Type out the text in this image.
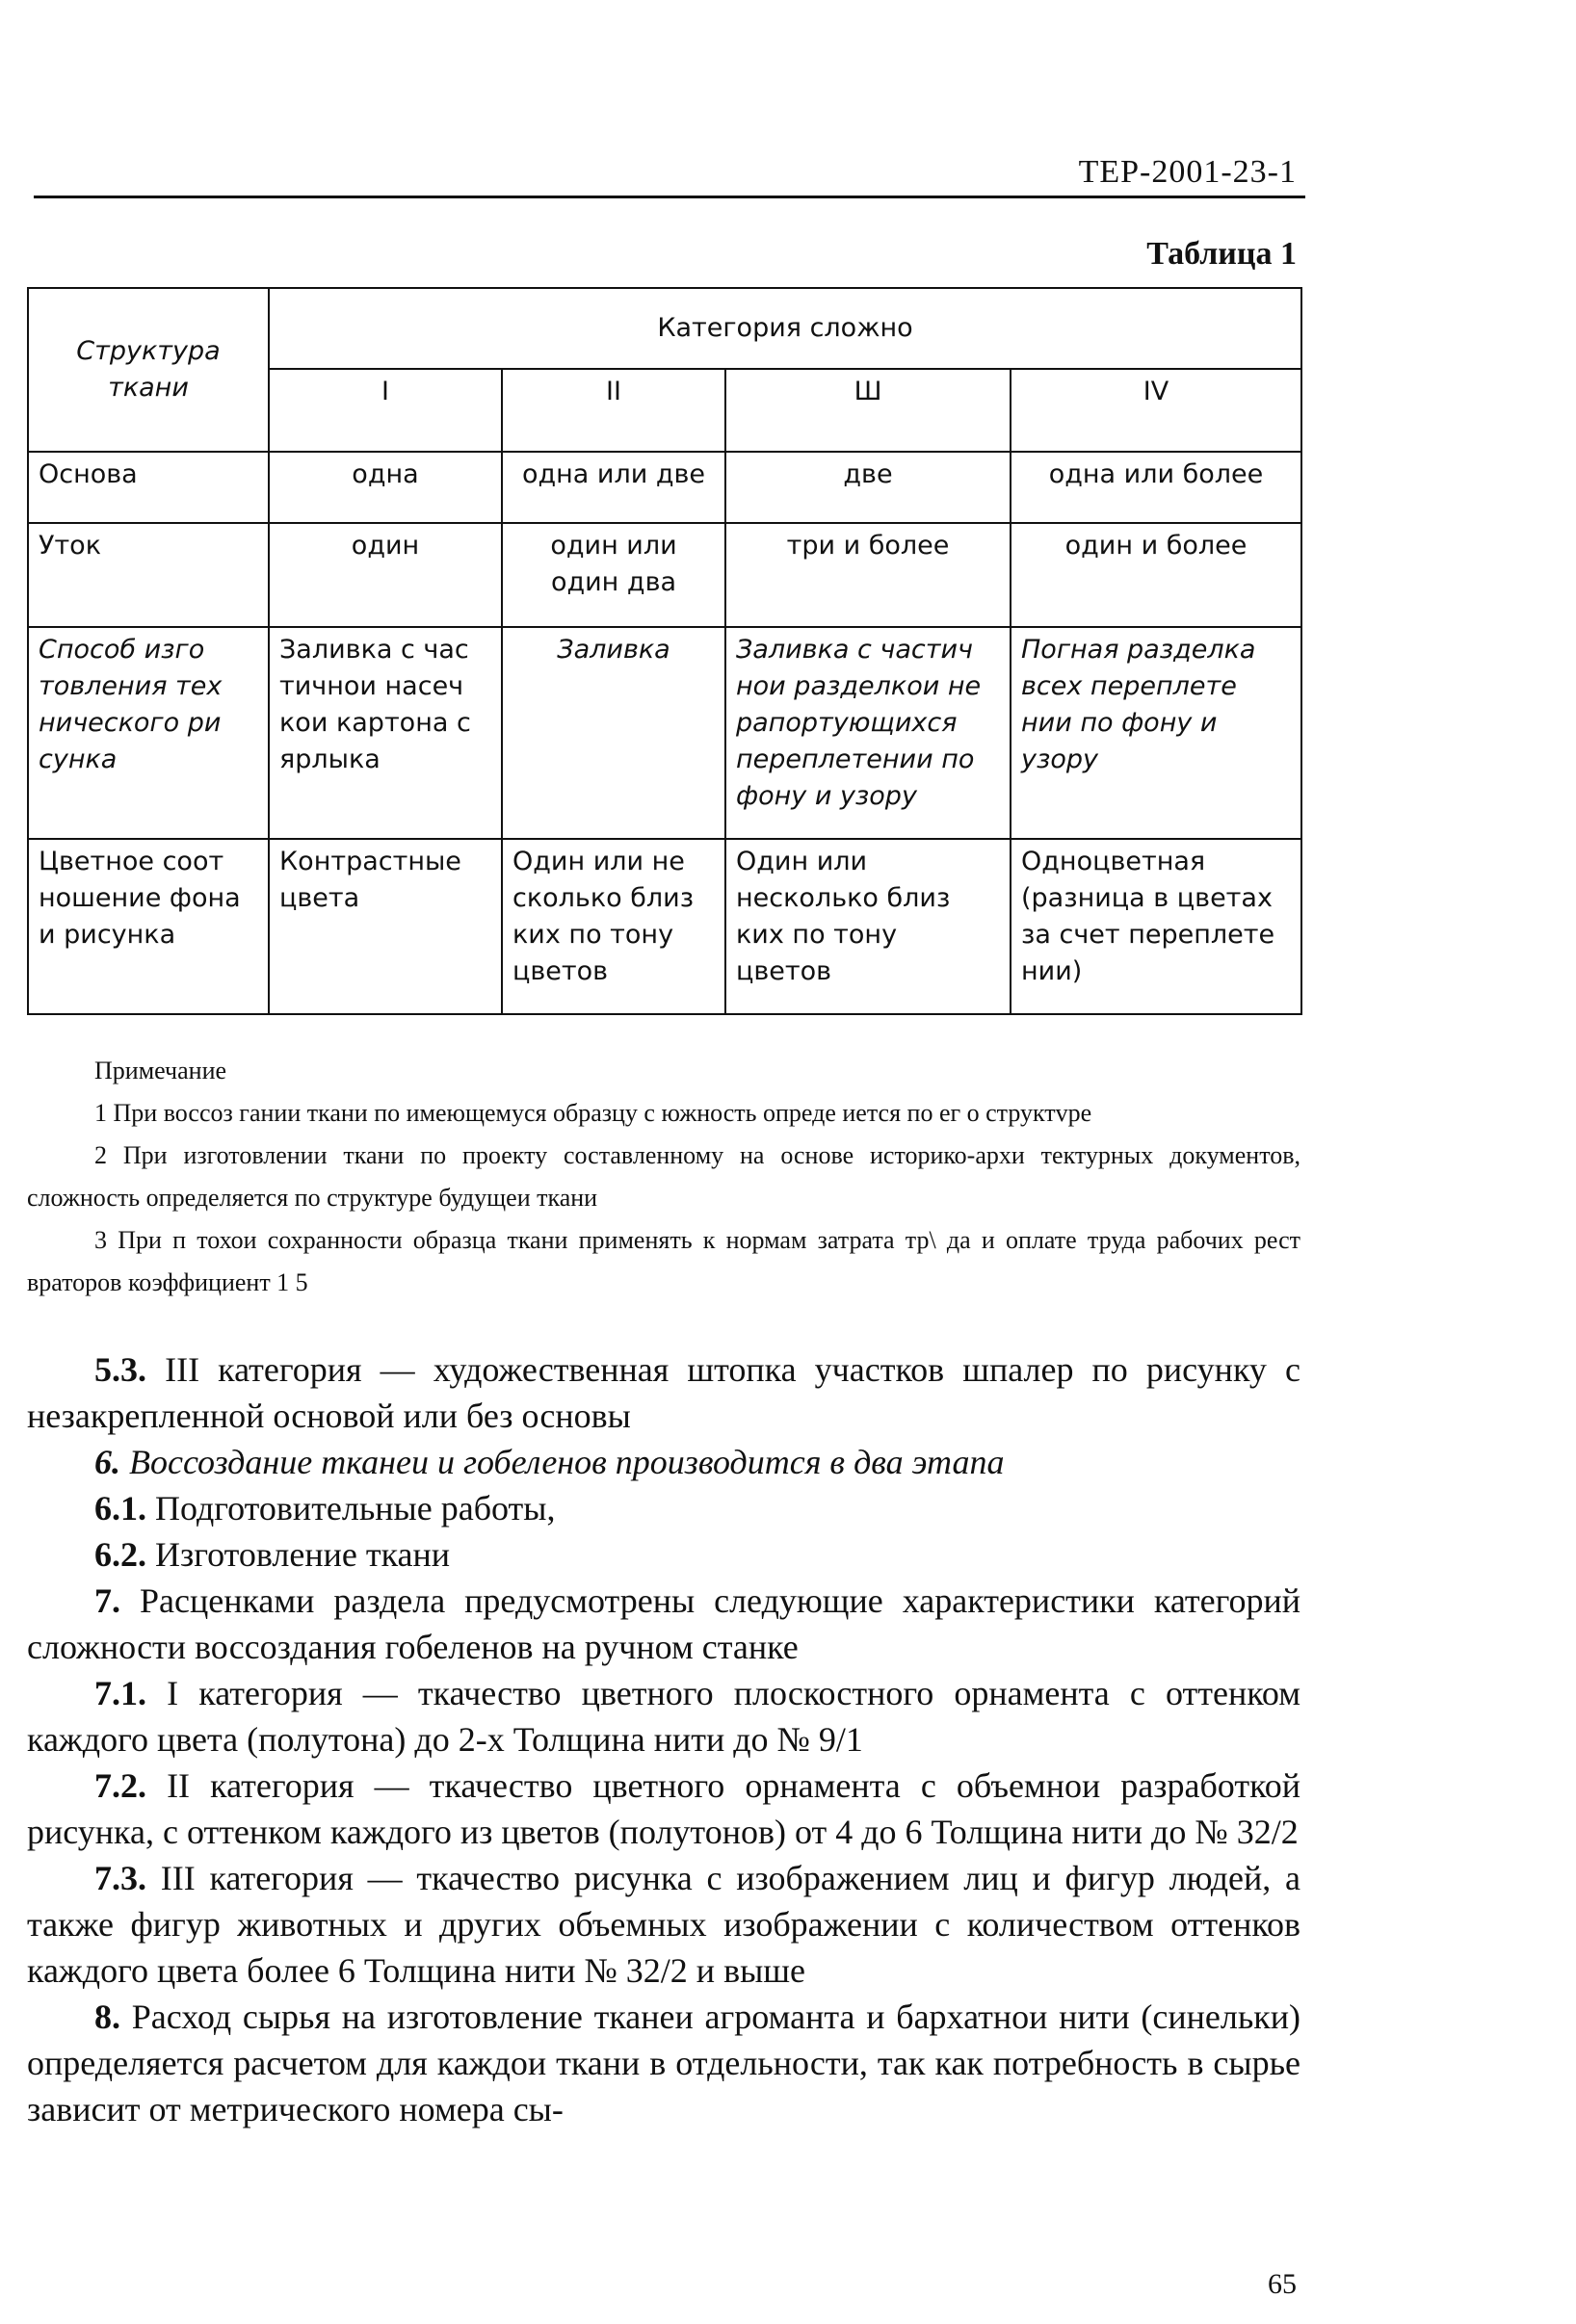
ТЕР-2001-23-1
Таблица 1
Структура ткани	Категория сложно			
	I	II	Ш	IV
Основа	одна	одна или две	две	одна или более
Уток	один	один или один два	три и более	один и более
Способ изго товления тех нического ри сунка	Заливка с час тичнои насеч кои картона с ярлыка	Заливка	Заливка с частич нои разделкои не рапортующихся переплетении по фону и узору	Погная разделка всех переплете нии по фону и узору
Цветное соот ношение фона и рисунка	Контрастные цвета	Один или не сколько близ ких по тону цветов	Один или несколько близ ких по тону цветов	Одноцветная (разница в цветах за счет переплете нии)
Примечание

1 При воссоз гании ткани по имеющемуся образцу с южность опреде иется по ег о структvре

2 При изготовлении ткани по проекту составленному на основе историко-архи тектурных документов, сложность определяется по структуре будущеи ткани

3 При п тохои сохранности образца ткани применять к нормам затрата тр\ да и оплате труда рабочих рест враторов коэффициент 1 5

5.3. III категория — художественная штопка участков шпалер по рисунку с незакрепленной основой или без основы

6. Воссоздание тканеи и гобеленов производится в два этапа

6.1. Подготовительные работы,

6.2. Изготовление ткани

7. Расценками раздела предусмотрены следующие характеристики категорий сложности воссоздания гобеленов на ручном станке

7.1. I категория — ткачество цветного плоскостного орнамента с оттенком каждого цвета (полутона) до 2-х Толщина нити до № 9/1

7.2. II категория — ткачество цветного орнамента с объемнои разработкой рисунка, с оттенком каждого из цветов (полутонов) от 4 до 6 Толщина нити до № 32/2

7.3. III категория — ткачество рисунка с изображением лиц и фигур людей, а также фигур животных и других объемных изображении с количеством оттенков каждого цвета более 6 Толщина нити № 32/2 и выше

8. Расход сырья на изготовление тканеи агроманта и бархатнои нити (синельки) определяется расчетом для каждои ткани в отдельности, так как потребность в сырье зависит от метрического номера сы-

65
